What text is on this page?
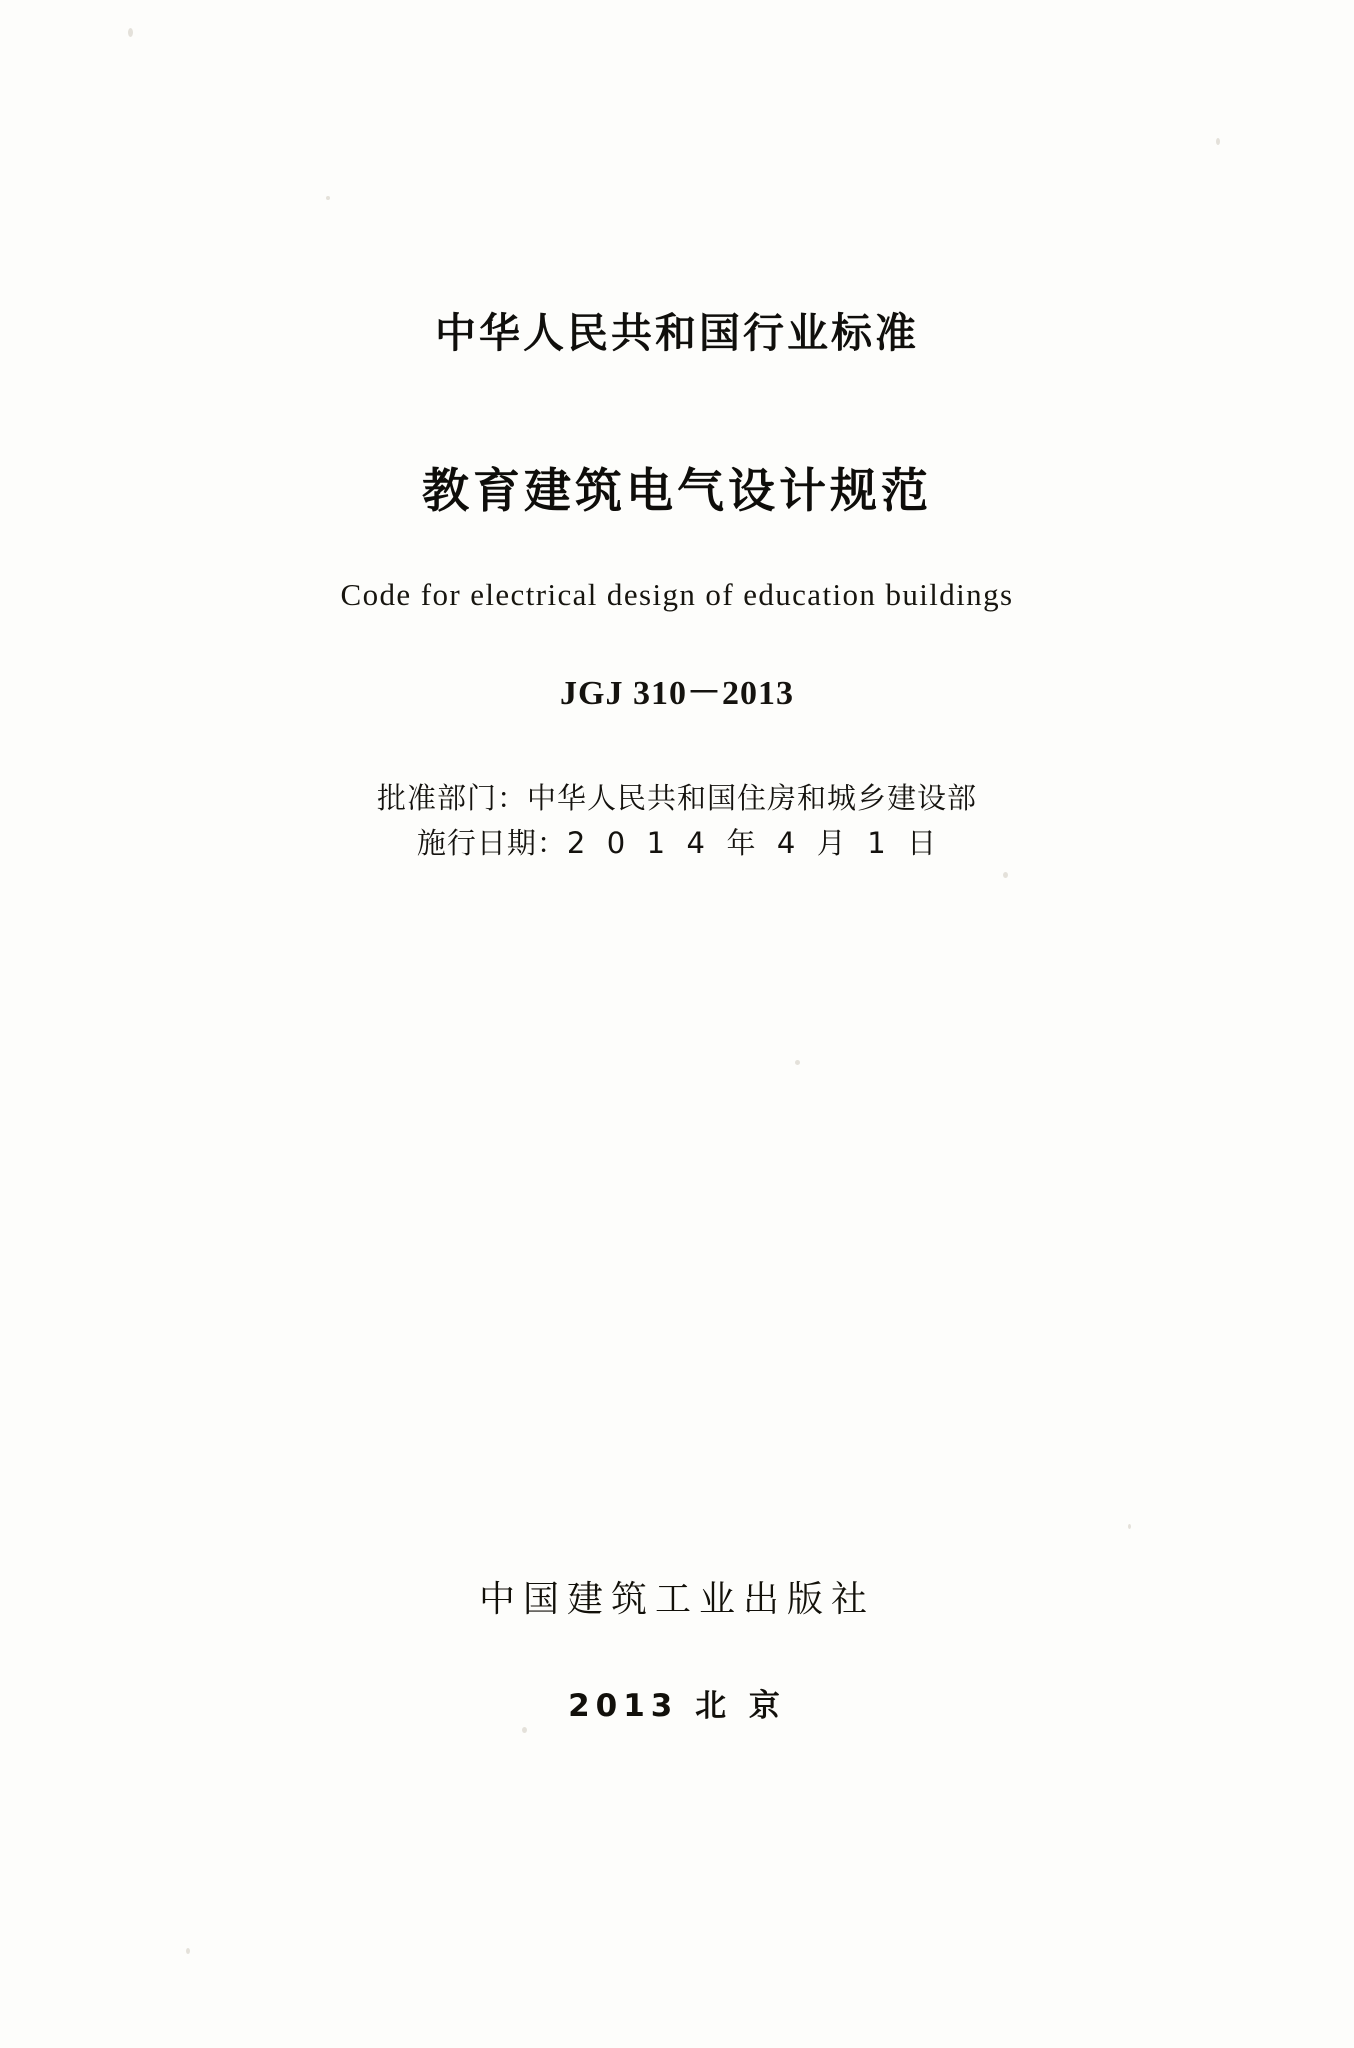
中华人民共和国行业标准
教育建筑电气设计规范
Code for electrical design of education buildings
JGJ 310－2013
批准部门：中华人民共和国住房和城乡建设部
施行日期：2  0  1  4  年  4  月  1  日
中国建筑工业出版社
2013 北 京
